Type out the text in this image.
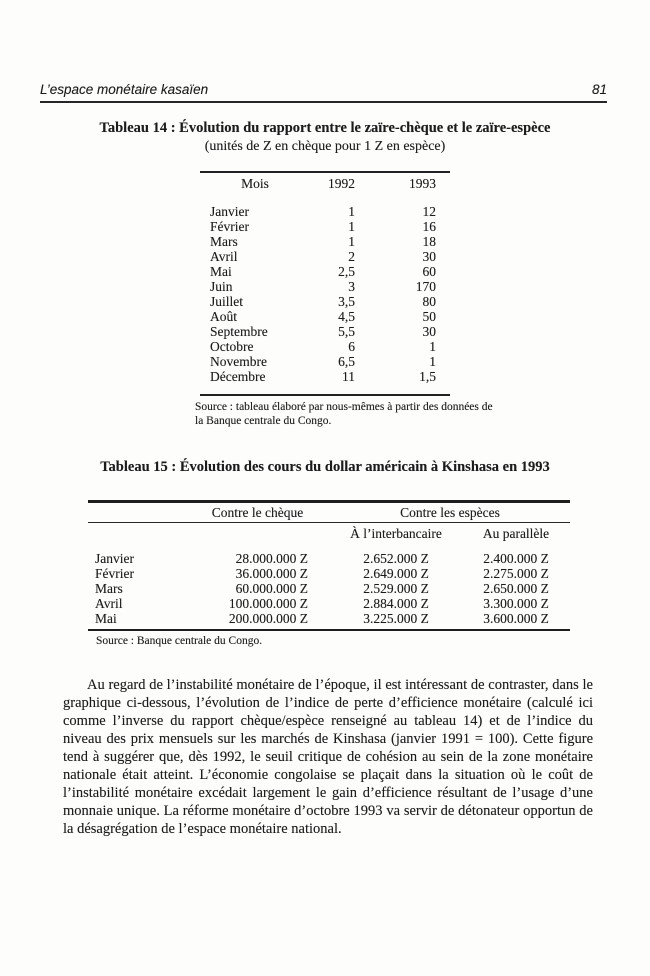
L’espace monétaire kasaïen	81
Tableau 14 : Évolution du rapport entre le zaïre-chèque et le zaïre-espèce
(unités de Z en chèque pour 1 Z en espèce)
Mois	1992	1993
Janvier	1	12
Février	1	16
Mars	1	18
Avril	2	30
Mai	2,5	60
Juin	3	170
Juillet	3,5	80
Août	4,5	50
Septembre	5,5	30
Octobre	6	1
Novembre	6,5	1
Décembre	11	1,5
Source : tableau élaboré par nous-mêmes à partir des données de la Banque centrale du Congo.
Tableau 15 : Évolution des cours du dollar américain à Kinshasa en 1993
	Contre le chèque	Contre les espèces	
		À l’interbancaire	Au parallèle
Janvier	28.000.000 Z	2.652.000 Z	2.400.000 Z
Février	36.000.000 Z	2.649.000 Z	2.275.000 Z
Mars	60.000.000 Z	2.529.000 Z	2.650.000 Z
Avril	100.000.000 Z	2.884.000 Z	3.300.000 Z
Mai	200.000.000 Z	3.225.000 Z	3.600.000 Z
Source : Banque centrale du Congo.

Au regard de l’instabilité monétaire de l’époque, il est intéressant de contraster, dans le graphique ci-dessous, l’évolution de l’indice de perte d’efficience monétaire (calculé ici comme l’inverse du rapport chèque/espèce renseigné au tableau 14) et de l’indice du niveau des prix mensuels sur les marchés de Kinshasa (janvier 1991 = 100). Cette figure tend à suggérer que, dès 1992, le seuil critique de cohésion au sein de la zone monétaire nationale était atteint. L’économie congolaise se plaçait dans la situation où le coût de l’instabilité monétaire excédait largement le gain d’efficience résultant de l’usage d’une monnaie unique. La réforme monétaire d’octobre 1993 va servir de détonateur opportun de la désagrégation de l’espace monétaire national.
